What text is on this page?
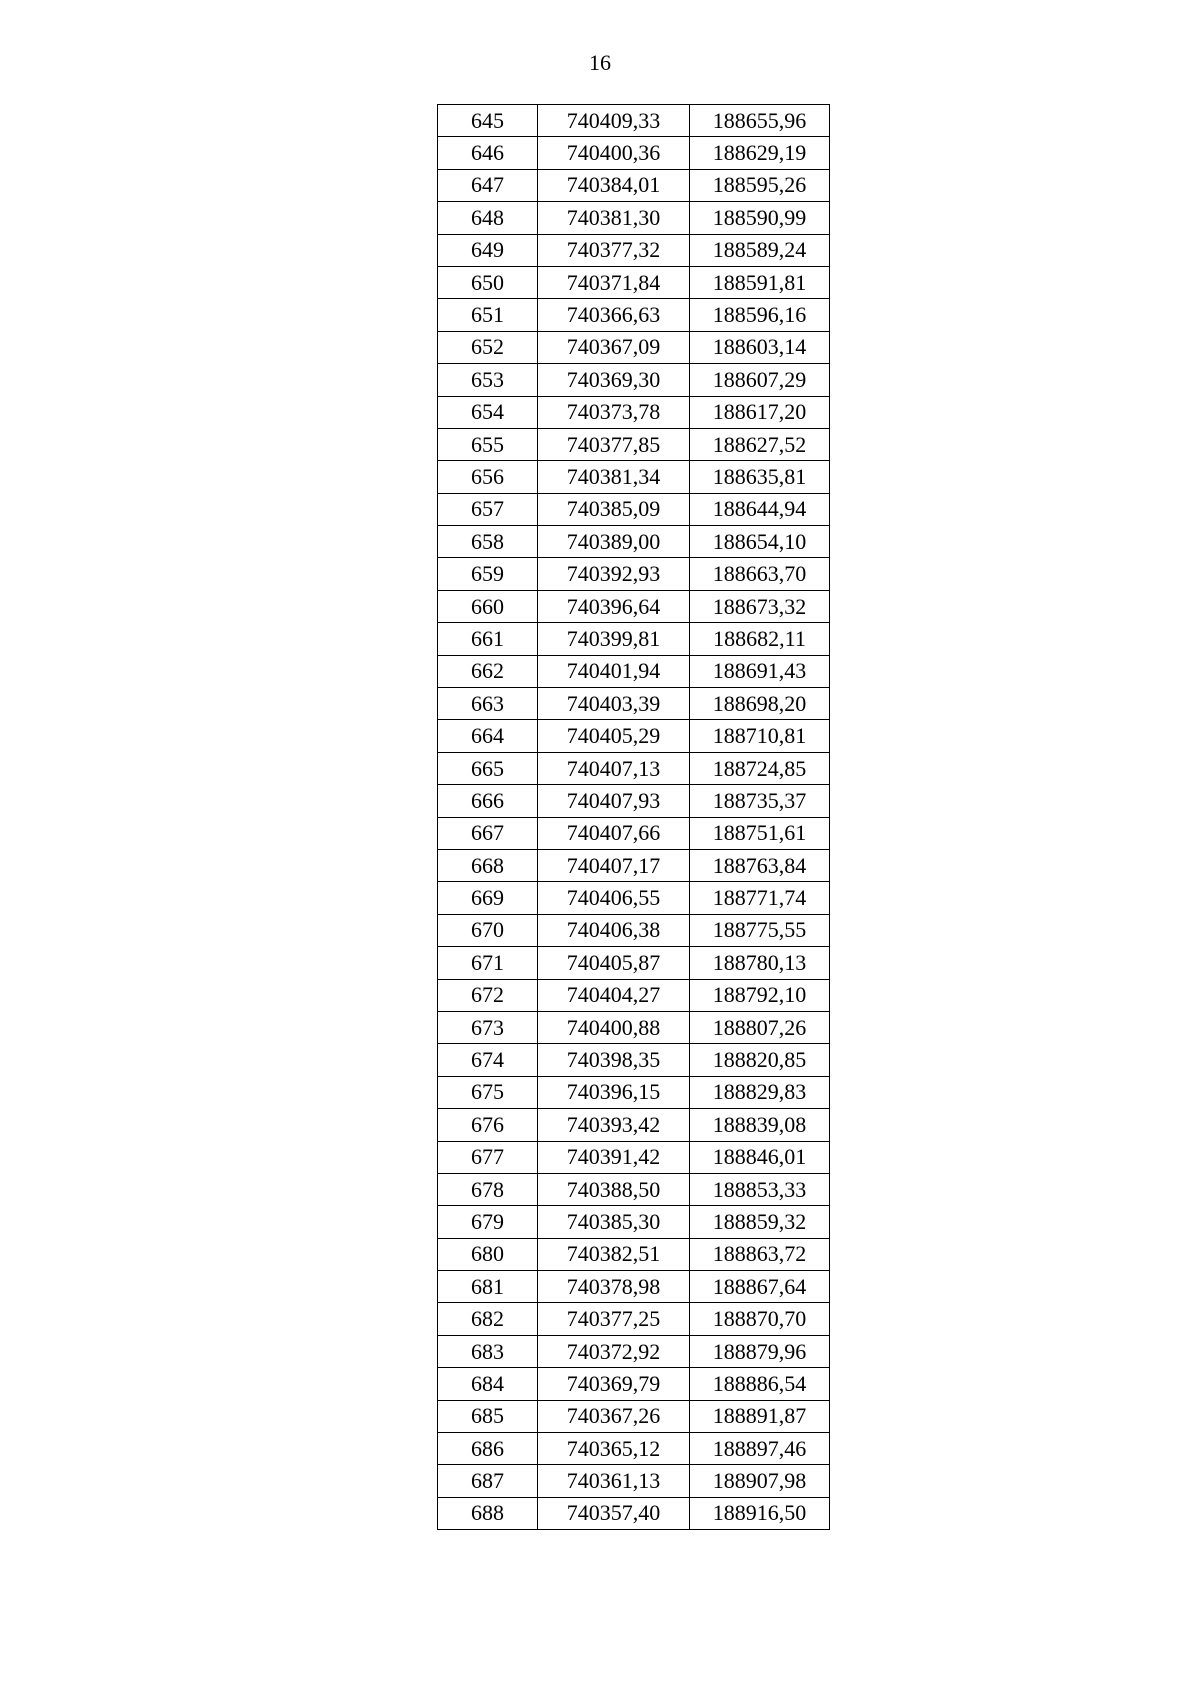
16
645	740409,33	188655,96
646	740400,36	188629,19
647	740384,01	188595,26
648	740381,30	188590,99
649	740377,32	188589,24
650	740371,84	188591,81
651	740366,63	188596,16
652	740367,09	188603,14
653	740369,30	188607,29
654	740373,78	188617,20
655	740377,85	188627,52
656	740381,34	188635,81
657	740385,09	188644,94
658	740389,00	188654,10
659	740392,93	188663,70
660	740396,64	188673,32
661	740399,81	188682,11
662	740401,94	188691,43
663	740403,39	188698,20
664	740405,29	188710,81
665	740407,13	188724,85
666	740407,93	188735,37
667	740407,66	188751,61
668	740407,17	188763,84
669	740406,55	188771,74
670	740406,38	188775,55
671	740405,87	188780,13
672	740404,27	188792,10
673	740400,88	188807,26
674	740398,35	188820,85
675	740396,15	188829,83
676	740393,42	188839,08
677	740391,42	188846,01
678	740388,50	188853,33
679	740385,30	188859,32
680	740382,51	188863,72
681	740378,98	188867,64
682	740377,25	188870,70
683	740372,92	188879,96
684	740369,79	188886,54
685	740367,26	188891,87
686	740365,12	188897,46
687	740361,13	188907,98
688	740357,40	188916,50
